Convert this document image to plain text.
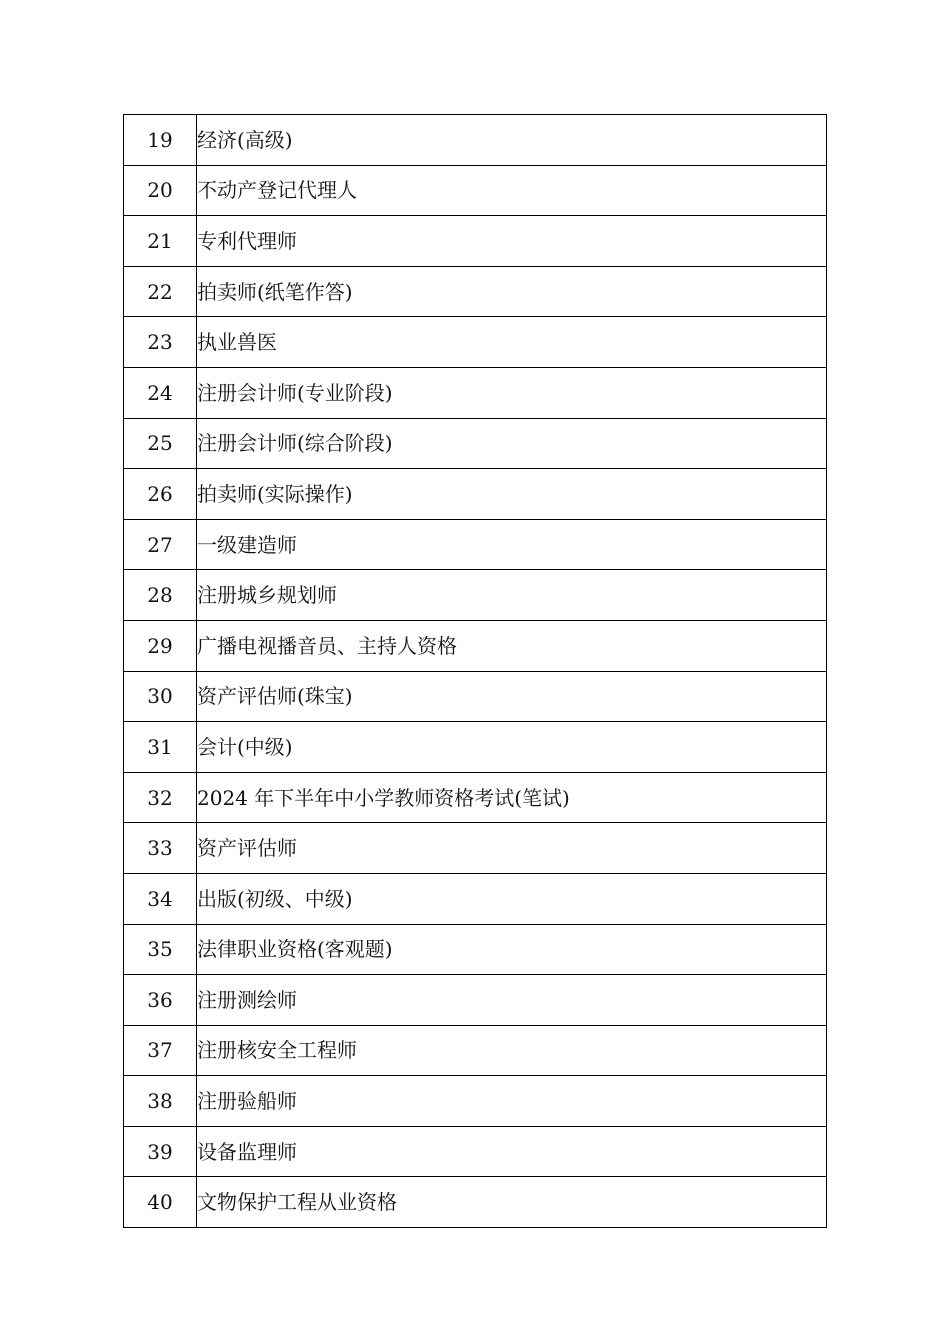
19	经济(高级)
20	不动产登记代理人
21	专利代理师
22	拍卖师(纸笔作答)
23	执业兽医
24	注册会计师(专业阶段)
25	注册会计师(综合阶段)
26	拍卖师(实际操作)
27	一级建造师
28	注册城乡规划师
29	广播电视播音员、主持人资格
30	资产评估师(珠宝)
31	会计(中级)
32	2024 年下半年中小学教师资格考试(笔试)
33	资产评估师
34	出版(初级、中级)
35	法律职业资格(客观题)
36	注册测绘师
37	注册核安全工程师
38	注册验船师
39	设备监理师
40	文物保护工程从业资格
